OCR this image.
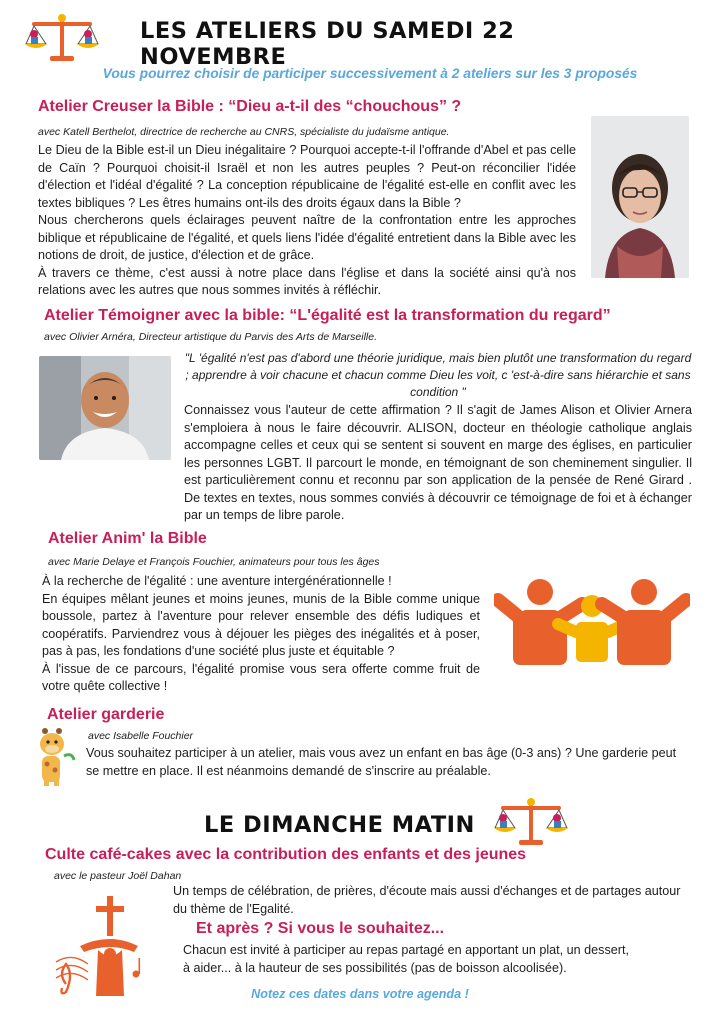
LES ATELIERS DU SAMEDI 22 NOVEMBRE
Vous pourrez choisir de participer successivement à 2 ateliers sur les 3 proposés
Atelier Creuser la Bible : “Dieu a-t-il des “chouchous” ?
avec Katell Berthelot, directrice de recherche au CNRS, spécialiste du judaïsme antique.

Le Dieu de la Bible est-il un Dieu inégalitaire ? Pourquoi accepte-t-il l'offrande d'Abel et pas celle de Caïn ? Pourquoi choisit-il Israël et non les autres peuples ? Peut-on réconcilier l'idée d'élection et l'idéal d'égalité ? La conception républicaine de l'égalité est-elle en conflit avec les textes bibliques ? Les êtres humains ont-ils des droits égaux dans la Bible ?

Nous chercherons quels éclairages peuvent naître de la confrontation entre les approches biblique et républicaine de l'égalité, et quels liens l'idée d'égalité entretient dans la Bible avec les notions de droit, de justice, d'élection et de grâce.

À travers ce thème, c'est aussi à notre place dans l'église et dans la société ainsi qu'à nos relations avec les autres que nous sommes invités à réfléchir.

Atelier Témoigner avec la bible: “L'égalité est la transformation du regard”
avec Olivier Arnéra, Directeur artistique du Parvis des Arts de Marseille.
"L 'égalité n'est pas d'abord une théorie juridique, mais bien plutôt une transformation du regard ; apprendre à voir chacune et chacun comme Dieu les voit, c 'est-à-dire sans hiérarchie et sans condition "

Connaissez vous l'auteur de cette affirmation ? Il s'agit de James Alison et Olivier Arnera s'emploiera à nous le faire découvrir. ALISON, docteur en théologie catholique anglais accompagne celles et ceux qui se sentent si souvent en marge des églises, en particulier les personnes LGBT. Il parcourt le monde, en témoignant de son cheminement singulier. Il est particulièrement connu et reconnu par son application de la pensée de René Girard . De textes en textes, nous sommes conviés à découvrir ce témoignage de foi et à échanger par un temps de libre parole.

Atelier Anim' la Bible
avec Marie Delaye et François Fouchier, animateurs pour tous les âges

À la recherche de l'égalité : une aventure intergénérationnelle !

En équipes mêlant jeunes et moins jeunes, munis de la Bible comme unique boussole, partez à l'aventure pour relever ensemble des défis ludiques et coopératifs. Parviendrez vous à déjouer les pièges des inégalités et à poser, pas à pas, les fondations d'une société plus juste et équitable ?

À l'issue de ce parcours, l'égalité promise vous sera offerte comme fruit de votre quête collective !

Atelier garderie
avec Isabelle Fouchier

Vous souhaitez participer à un atelier, mais vous avez un enfant en bas âge (0-3 ans) ? Une garderie peut se mettre en place. Il est néanmoins demandé de s'inscrire au préalable.

LE DIMANCHE MATIN
Culte café-cakes avec la contribution des enfants et des jeunes
avec le pasteur Joël Dahan
Un temps de célébration, de prières, d'écoute mais aussi d'échanges et de partages autour du thème de l'Egalité.
Et après ? Si vous le souhaitez...

Chacun est invité à participer au repas partagé en apportant un plat, un dessert,

à aider... à la hauteur de ses possibilités (pas de boisson alcoolisée).

Notez ces dates dans votre agenda !
